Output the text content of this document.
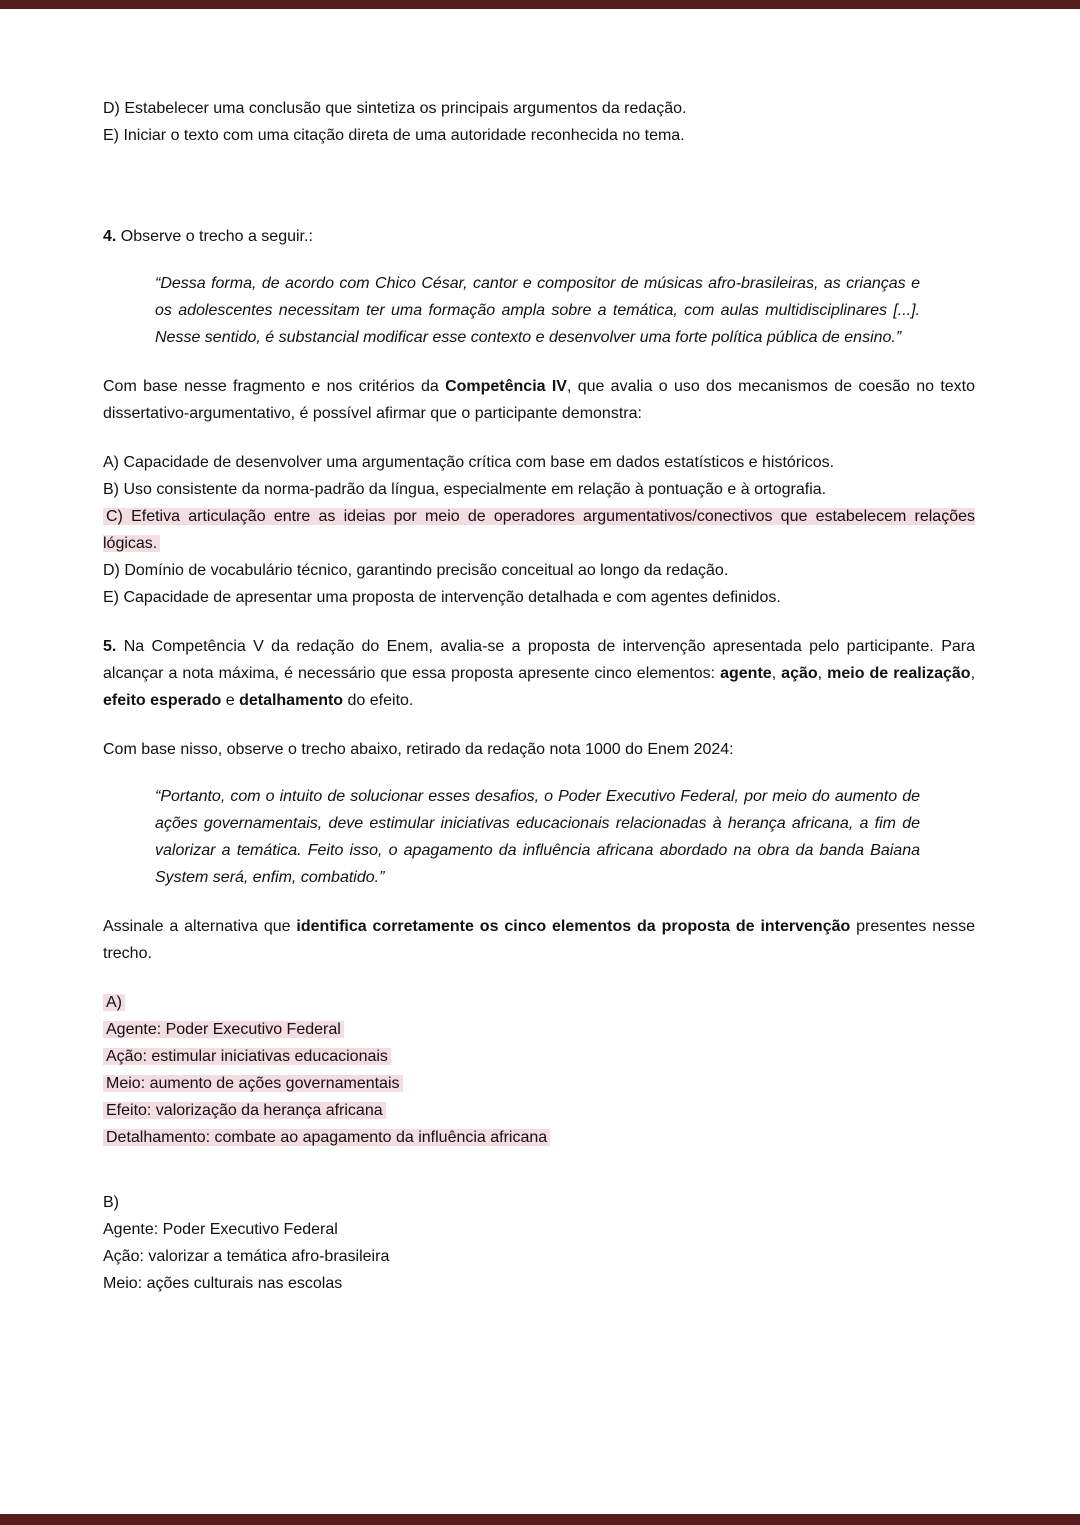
D) Estabelecer uma conclusão que sintetiza os principais argumentos da redação.

E) Iniciar o texto com uma citação direta de uma autoridade reconhecida no tema.

4. Observe o trecho a seguir.:

“Dessa forma, de acordo com Chico César, cantor e compositor de músicas afro-brasileiras, as crianças e os adolescentes necessitam ter uma formação ampla sobre a temática, com aulas multidisciplinares [...]. Nesse sentido, é substancial modificar esse contexto e desenvolver uma forte política pública de ensino.”

Com base nesse fragmento e nos critérios da Competência IV, que avalia o uso dos mecanismos de coesão no texto dissertativo-argumentativo, é possível afirmar que o participante demonstra:

A) Capacidade de desenvolver uma argumentação crítica com base em dados estatísticos e históricos.

B) Uso consistente da norma-padrão da língua, especialmente em relação à pontuação e à ortografia.

C) Efetiva articulação entre as ideias por meio de operadores argumentativos/conectivos que estabelecem relações lógicas.

D) Domínio de vocabulário técnico, garantindo precisão conceitual ao longo da redação.

E) Capacidade de apresentar uma proposta de intervenção detalhada e com agentes definidos.

5. Na Competência V da redação do Enem, avalia-se a proposta de intervenção apresentada pelo participante. Para alcançar a nota máxima, é necessário que essa proposta apresente cinco elementos: agente, ação, meio de realização, efeito esperado e detalhamento do efeito.

Com base nisso, observe o trecho abaixo, retirado da redação nota 1000 do Enem 2024:

“Portanto, com o intuito de solucionar esses desafios, o Poder Executivo Federal, por meio do aumento de ações governamentais, deve estimular iniciativas educacionais relacionadas à herança africana, a fim de valorizar a temática. Feito isso, o apagamento da influência africana abordado na obra da banda Baiana System será, enfim, combatido.”

Assinale a alternativa que identifica corretamente os cinco elementos da proposta de intervenção presentes nesse trecho.

A)
Agente: Poder Executivo Federal
Ação: estimular iniciativas educacionais
Meio: aumento de ações governamentais
Efeito: valorização da herança africana
Detalhamento: combate ao apagamento da influência africana
B)
Agente: Poder Executivo Federal
Ação: valorizar a temática afro-brasileira
Meio: ações culturais nas escolas
